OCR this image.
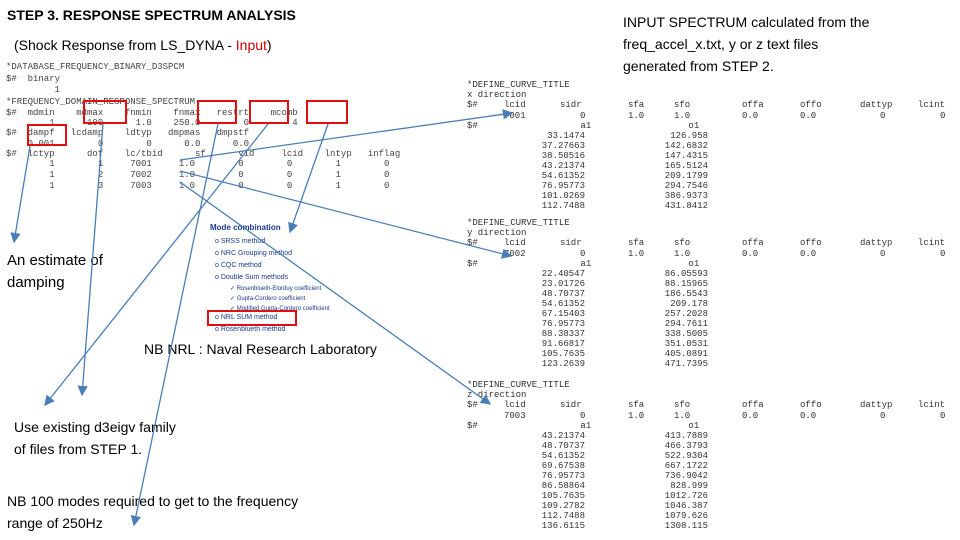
STEP 3. RESPONSE SPECTRUM ANALYSIS
(Shock Response from LS_DYNA - Input)
*DATABASE_FREQUENCY_BINARY_D3SPCM
$#  binary
1
*FREQUENCY_DOMAIN_RESPONSE_SPECTRUM
$#  mdmin    mdmax    fnmin    fnmax   restrt    mcomb
1      100      1.0    250.0        0        4
$#  dampf   lcdamp    ldtyp   dmpmas   dmpstf
0.001        0        0      0.0      0.0
$#  lctyp      dof    lc/tbid      sf      vid     lcid    lntyp   inflag
1        1     7001     1.0        0        0        1        0
1        2     7002     1.0        0        0        1        0
1        3     7003     1.0        0        0        1        0
Mode combination
o SRSS method
o NRC Grouping method
o CQC method
o Double Sum methods
✓ Rosenblueth-Elorduy coefficient
✓ Gupta-Cordero coefficient
✓ Modified Gupta-Cordero coefficient
o NRL SUM method
o Rosenblueth method
*DEFINE_CURVE_TITLE
x direction
$#	lcid	sidr	sfa	sfo	offa	offo	dattyp	lcint
7001	0	1.0	1.0	0.0	0.0	0	0
$#                   a1                  o1
33.1474	126.958
37.27663	142.6832
38.50516	147.4315
43.21374	165.5124
54.61352	209.1799
76.95773	294.7546
101.0269	386.9373
112.7488	431.8412
*DEFINE_CURVE_TITLE
y direction
$#	lcid	sidr	sfa	sfo	offa	offo	dattyp	lcint
7002	0	1.0	1.0	0.0	0.0	0	0
$#                   a1                  o1
22.40547	86.05593
23.01726	88.15965
48.70737	186.5543
54.61352	209.178
67.15403	257.2028
76.95773	294.7611
88.38337	338.5005
91.66817	351.0531
105.7635	405.0891
123.2639	471.7395
*DEFINE_CURVE_TITLE
z direction
$#	lcid	sidr	sfa	sfo	offa	offo	dattyp	lcint
7003	0	1.0	1.0	0.0	0.0	0	0
$#                   a1                  o1
43.21374	413.7889
48.70737	466.3793
54.61352	522.9304
69.67538	667.1722
76.95773	736.9042
86.58864	828.999
105.7635	1012.726
109.2782	1046.387
112.7488	1079.626
136.6115	1308.115
INPUT SPECTRUM calculated from the
freq_accel_x.txt, y or z text files
generated from STEP 2.
An estimate of
damping
NB NRL : Naval Research Laboratory
Use existing d3eigv family
of files from STEP 1.
NB 100 modes required to get to the frequency
range of 250Hz
